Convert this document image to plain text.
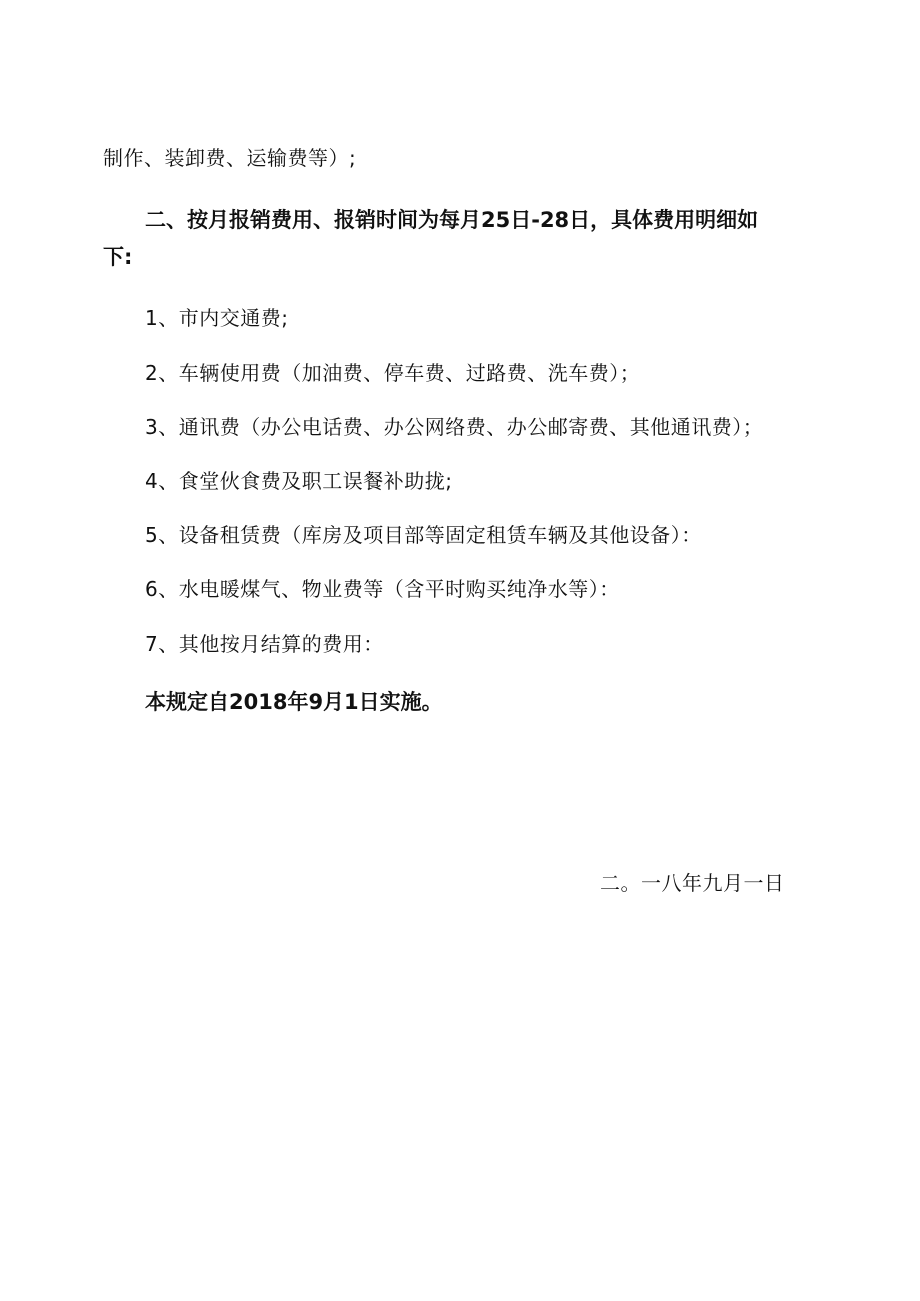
制作、装卸费、运输费等）;
二、按月报销费用、报销时间为每月25日-28日，具体费用明细如
下:
1、市内交通费;
2、车辆使用费（加油费、停车费、过路费、洗车费）；
3、通讯费（办公电话费、办公网络费、办公邮寄费、其他通讯费）；
4、食堂伙食费及职工误餐补助拢;
5、设备租赁费（库房及项目部等固定租赁车辆及其他设备）：
6、水电暖煤气、物业费等（含平时购买纯净水等）：
7、其他按月结算的费用：
本规定自2018年9月1日实施。
二。一八年九月一日
